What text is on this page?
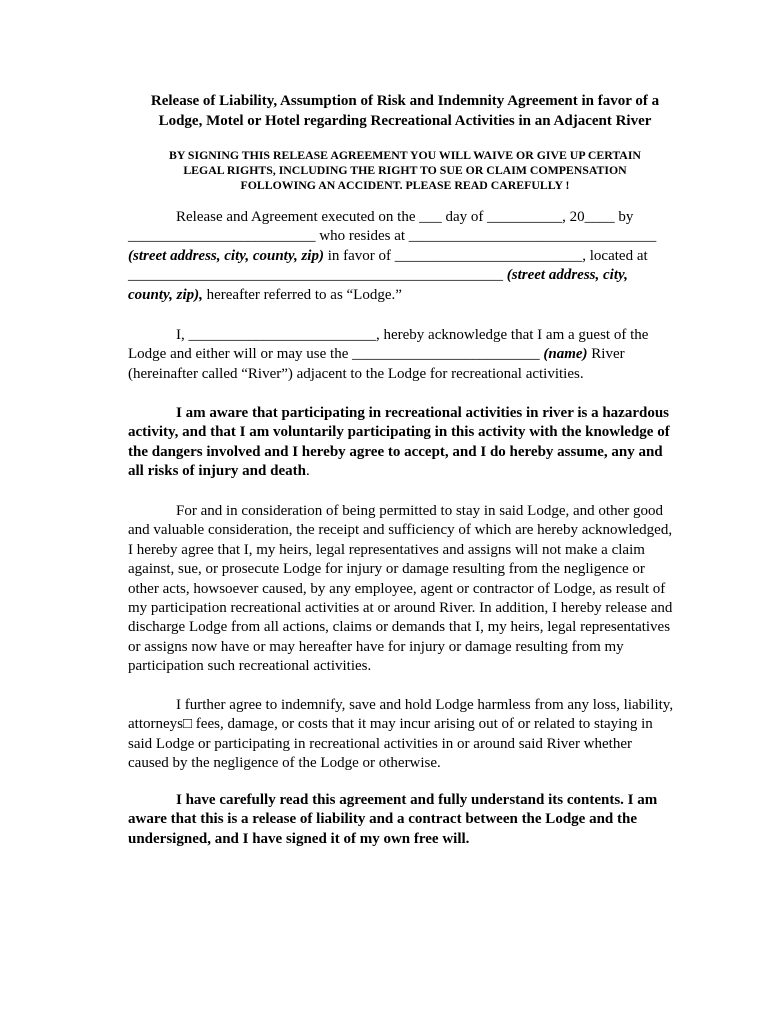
Release of Liability, Assumption of Risk and Indemnity Agreement in favor of a
Lodge, Motel or Hotel regarding Recreational Activities in an Adjacent River
BY SIGNING THIS RELEASE AGREEMENT YOU WILL WAIVE OR GIVE UP CERTAIN
LEGAL RIGHTS, INCLUDING THE RIGHT TO SUE OR CLAIM COMPENSATION
FOLLOWING AN ACCIDENT. PLEASE READ CAREFULLY !
Release and Agreement executed on the ___ day of __________, 20____ by
_________________________ who resides at _________________________________
(street address, city, county, zip) in favor of _________________________, located at
__________________________________________________ (street address, city,
county, zip), hereafter referred to as “Lodge.”
I, _________________________, hereby acknowledge that I am a guest of the
Lodge and either will or may use the _________________________ (name) River
(hereinafter called “River”) adjacent to the Lodge for recreational activities.
I am aware that participating in recreational activities in river is a hazardous
activity, and that I am voluntarily participating in this activity with the knowledge of
the dangers involved and I hereby agree to accept, and I do hereby assume, any and
all risks of injury and death.
For and in consideration of being permitted to stay in said Lodge, and other good
and valuable consideration, the receipt and sufficiency of which are hereby acknowledged,
I hereby agree that I, my heirs, legal representatives and assigns will not make a claim
against, sue, or prosecute Lodge for injury or damage resulting from the negligence or
other acts, howsoever caused, by any employee, agent or contractor of Lodge, as result of
my participation recreational activities at or around River. In addition, I hereby release and
discharge Lodge from all actions, claims or demands that I, my heirs, legal representatives
or assigns now have or may hereafter have for injury or damage resulting from my
participation such recreational activities.
I further agree to indemnify, save and hold Lodge harmless from any loss, liability,
attorneys□ fees, damage, or costs that it may incur arising out of or related to staying in
said Lodge or participating in recreational activities in or around said River whether
caused by the negligence of the Lodge or otherwise.
I have carefully read this agreement and fully understand its contents. I am
aware that this is a release of liability and a contract between the Lodge and the
undersigned, and I have signed it of my own free will.
